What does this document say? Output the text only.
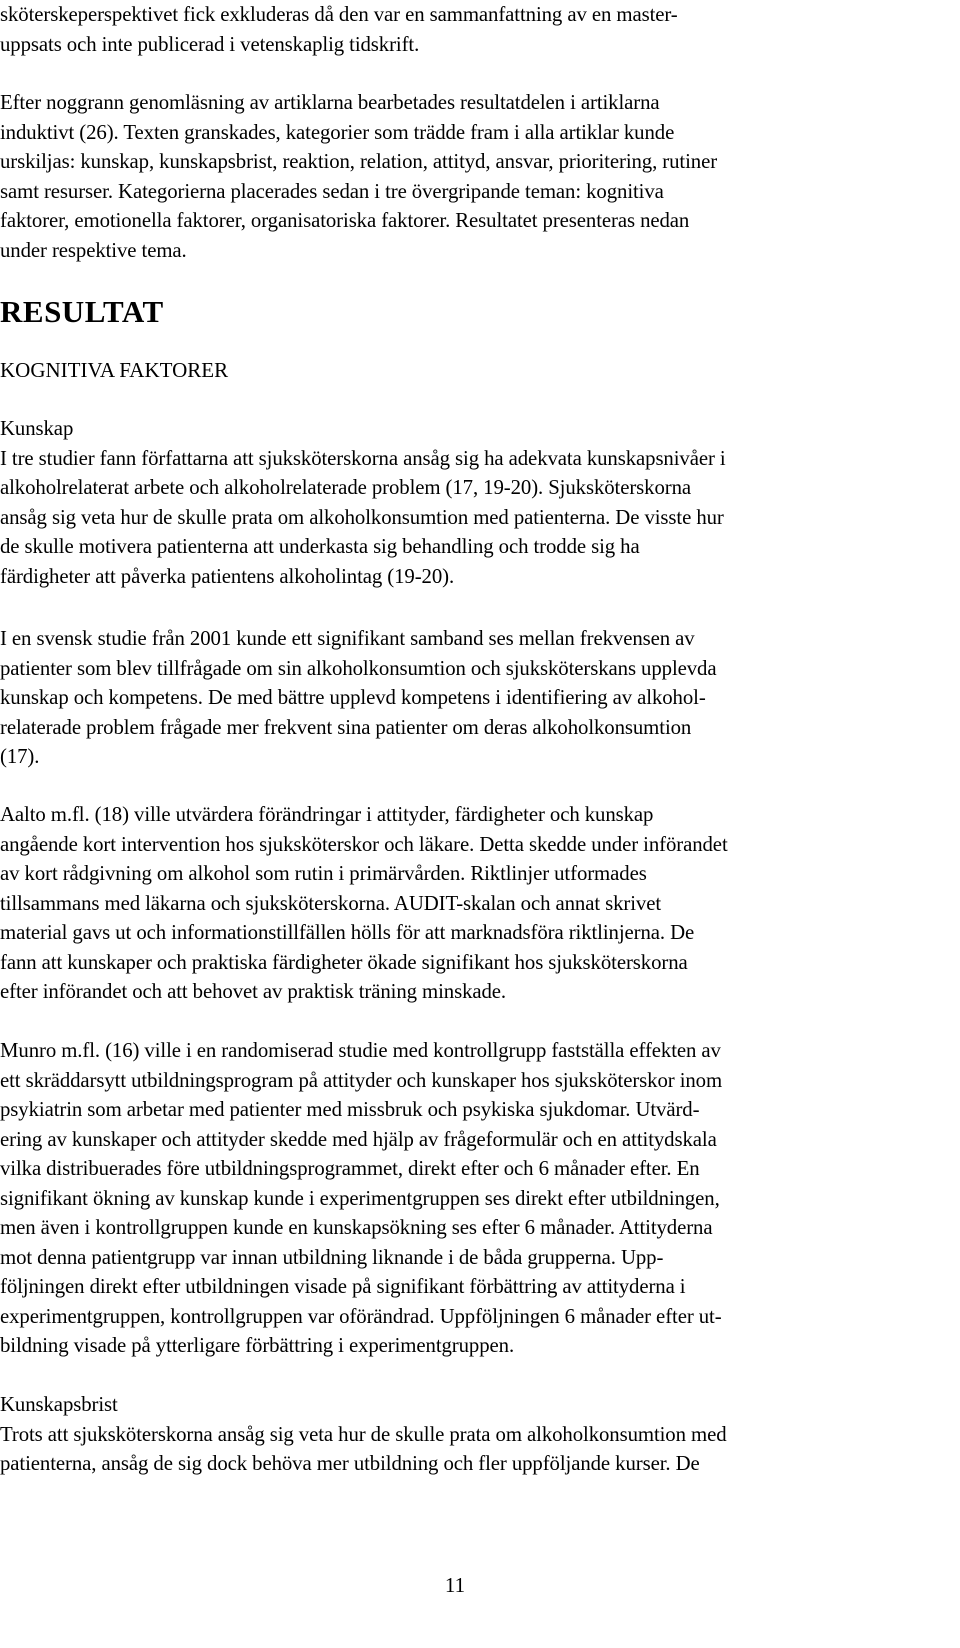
sköterskeperspektivet fick exkluderas då den var en sammanfattning av en master-
uppsats och inte publicerad i vetenskaplig tidskrift.
Efter noggrann genomläsning av artiklarna bearbetades resultatdelen i artiklarna
induktivt (26). Texten granskades, kategorier som trädde fram i alla artiklar kunde
urskiljas: kunskap, kunskapsbrist, reaktion, relation, attityd, ansvar, prioritering, rutiner
samt resurser. Kategorierna placerades sedan i tre övergripande teman: kognitiva
faktorer, emotionella faktorer, organisatoriska faktorer. Resultatet presenteras nedan
under respektive tema.
RESULTAT
KOGNITIVA FAKTORER
Kunskap
I tre studier fann författarna att sjuksköterskorna ansåg sig ha adekvata kunskapsnivåer i
alkoholrelaterat arbete och alkoholrelaterade problem (17, 19-20). Sjuksköterskorna
ansåg sig veta hur de skulle prata om alkoholkonsumtion med patienterna. De visste hur
de skulle motivera patienterna att underkasta sig behandling och trodde sig ha
färdigheter att påverka patientens alkoholintag (19-20).
I en svensk studie från 2001 kunde ett signifikant samband ses mellan frekvensen av
patienter som blev tillfrågade om sin alkoholkonsumtion och sjuksköterskans upplevda
kunskap och kompetens. De med bättre upplevd kompetens i identifiering av alkohol-
relaterade problem frågade mer frekvent sina patienter om deras alkoholkonsumtion
(17).
Aalto m.fl. (18) ville utvärdera förändringar i attityder, färdigheter och kunskap
angående kort intervention hos sjuksköterskor och läkare. Detta skedde under införandet
av kort rådgivning om alkohol som rutin i primärvården. Riktlinjer utformades
tillsammans med läkarna och sjuksköterskorna. AUDIT-skalan och annat skrivet
material gavs ut och informationstillfällen hölls för att marknadsföra riktlinjerna. De
fann att kunskaper och praktiska färdigheter ökade signifikant hos sjuksköterskorna
efter införandet och att behovet av praktisk träning minskade.
Munro m.fl. (16) ville i en randomiserad studie med kontrollgrupp fastställa effekten av
ett skräddarsytt utbildningsprogram på attityder och kunskaper hos sjuksköterskor inom
psykiatrin som arbetar med patienter med missbruk och psykiska sjukdomar. Utvärd-
ering av kunskaper och attityder skedde med hjälp av frågeformulär och en attitydskala
vilka distribuerades före utbildningsprogrammet, direkt efter och 6 månader efter. En
signifikant ökning av kunskap kunde i experimentgruppen ses direkt efter utbildningen,
men även i kontrollgruppen kunde en kunskapsökning ses efter 6 månader. Attityderna
mot denna patientgrupp var innan utbildning liknande i de båda grupperna. Upp-
följningen direkt efter utbildningen visade på signifikant förbättring av attityderna i
experimentgruppen, kontrollgruppen var oförändrad. Uppföljningen 6 månader efter ut-
bildning visade på ytterligare förbättring i experimentgruppen.
Kunskapsbrist
Trots att sjuksköterskorna ansåg sig veta hur de skulle prata om alkoholkonsumtion med
patienterna, ansåg de sig dock behöva mer utbildning och fler uppföljande kurser. De
11
